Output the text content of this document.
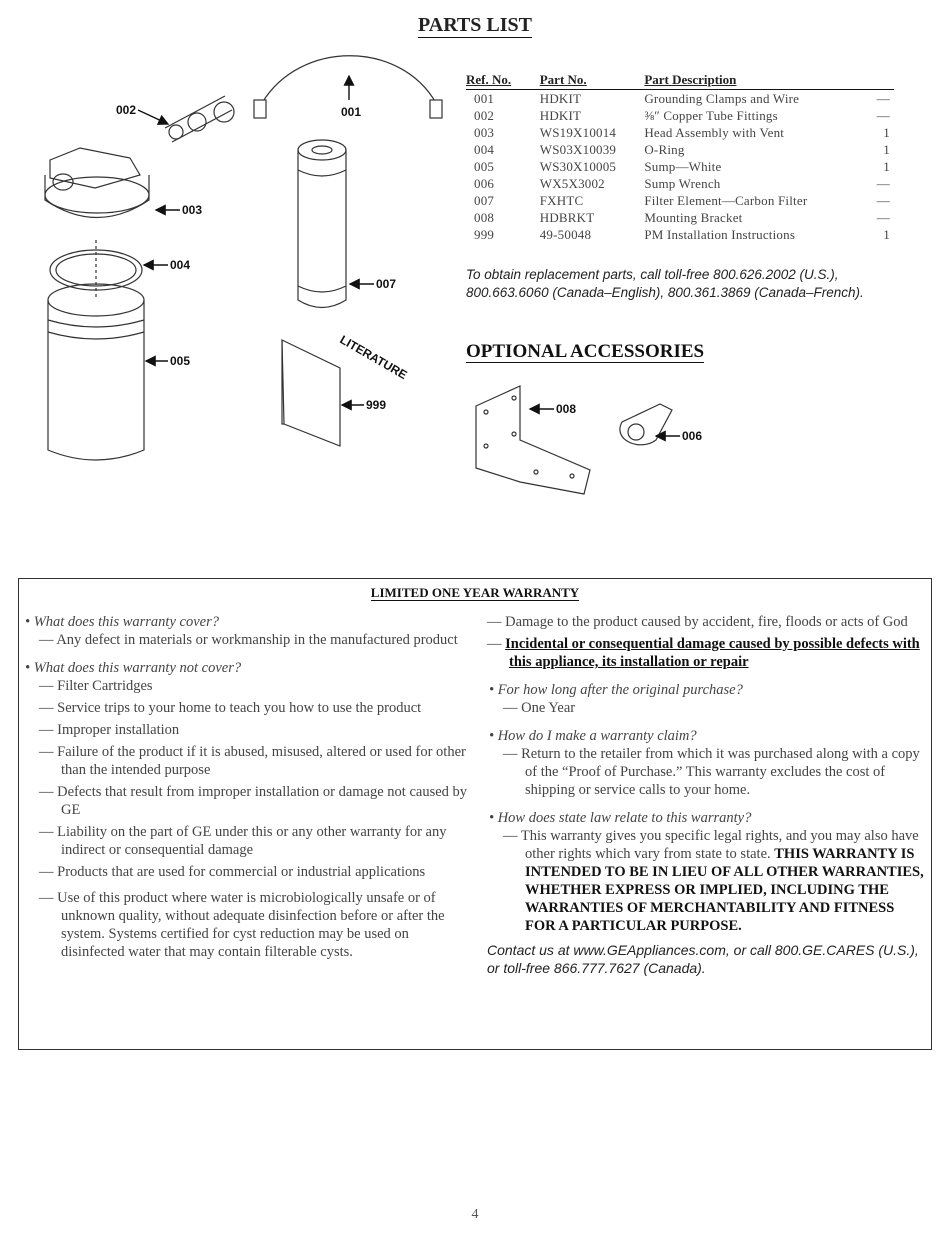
PARTS LIST
LITERATURE
001
002
003
004
005
007
999	008
006
Ref. No.	Part No.	Part Description	
001	HDKIT	Grounding Clamps and Wire	—
002	HDKIT	⅜″ Copper Tube Fittings	—
003	WS19X10014	Head Assembly with Vent	1
004	WS03X10039	O-Ring	1
005	WS30X10005	Sump—White	1
006	WX5X3002	Sump Wrench	—
007	FXHTC	Filter Element—Carbon Filter	—
008	HDBRKT	Mounting Bracket	—
999	49-50048	PM Installation Instructions	1
To obtain replacement parts, call toll-free 800.626.2002 (U.S.), 800.663.6060 (Canada–English), 800.361.3869 (Canada–French).
OPTIONAL ACCESSORIES
LIMITED ONE YEAR WARRANTY

• What does this warranty cover?

— Any defect in materials or workmanship in the manufactured product

• What does this warranty not cover?

— Filter Cartridges

— Service trips to your home to teach you how to use the product

— Improper installation

— Failure of the product if it is abused, misused, altered or used for other than the intended purpose

— Defects that result from improper installation or damage not caused by GE

— Liability on the part of GE under this or any other warranty for any indirect or consequential damage

— Products that are used for commercial or industrial applications

— Use of this product where water is microbiologically unsafe or of unknown quality, without adequate disinfection before or after the system. Systems certified for cyst reduction may be used on disinfected water that may contain filterable cysts.

— Damage to the product caused by accident, fire, floods or acts of God

— Incidental or consequential damage caused by possible defects with this appliance, its installation or repair

• For how long after the original purchase?

— One Year

• How do I make a warranty claim?

— Return to the retailer from which it was purchased along with a copy of the “Proof of Purchase.” This warranty excludes the cost of shipping or service calls to your home.

• How does state law relate to this warranty?

— This warranty gives you specific legal rights, and you may also have other rights which vary from state to state. THIS WARRANTY IS INTENDED TO BE IN LIEU OF ALL OTHER WARRANTIES, WHETHER EXPRESS OR IMPLIED, INCLUDING THE WARRANTIES OF MERCHANTABILITY AND FITNESS FOR A PARTICULAR PURPOSE.

Contact us at www.GEAppliances.com, or call 800.GE.CARES (U.S.), or toll-free 866.777.7627 (Canada).

4
